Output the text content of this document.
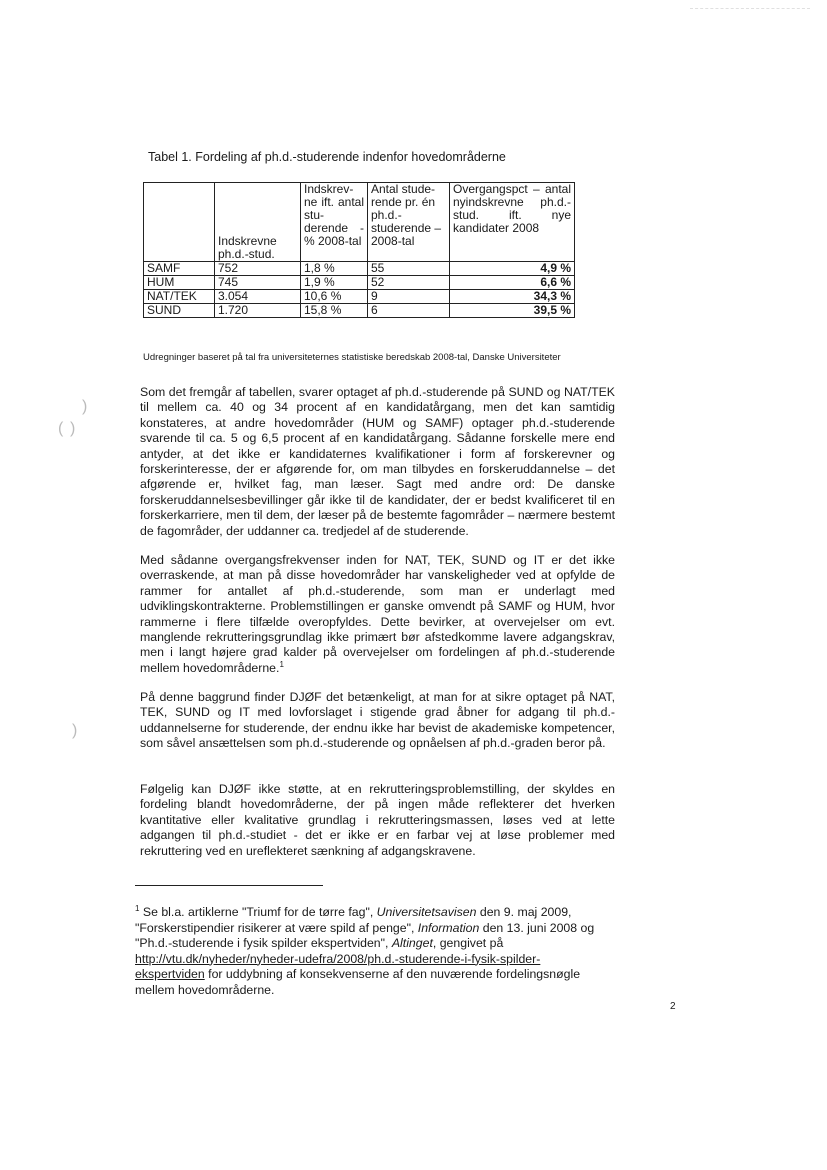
Tabel 1. Fordeling af ph.d.-studerende indenfor hovedområderne
	Indskrevne ph.d.-stud.	Indskrev-ne ift. antal stu-derende - % 2008-tal	Antal stude-rende pr. én ph.d.-studerende – 2008-tal	Overgangspct – antal nyindskrevne ph.d.-stud. ift. nye kandidater 2008
SAMF	752	1,8 %	55	4,9 %
HUM	745	1,9 %	52	6,6 %
NAT/TEK	3.054	10,6 %	9	34,3 %
SUND	1.720	15,8 %	6	39,5 %
Udregninger baseret på tal fra universiteternes statistiske beredskab 2008-tal, Danske Universiteter

Som det fremgår af tabellen, svarer optaget af ph.d.-studerende på SUND og NAT/TEK til mellem ca. 40 og 34 procent af en kandidatårgang, men det kan samtidig konstateres, at andre hovedområder (HUM og SAMF) optager ph.d.-studerende svarende til ca. 5 og 6,5 procent af en kandidatårgang. Sådanne forskelle mere end antyder, at det ikke er kandidaternes kvalifikationer i form af forskerevner og forskerinteresse, der er afgørende for, om man tilbydes en forskeruddannelse – det afgørende er, hvilket fag, man læser. Sagt med andre ord: De danske forskeruddannelsesbevillinger går ikke til de kandidater, der er bedst kvalificeret til en forskerkarriere, men til dem, der læser på de bestemte fagområder – nærmere bestemt de fagområder, der uddanner ca. tredjedel af de studerende.

Med sådanne overgangsfrekvenser inden for NAT, TEK, SUND og IT er det ikke overraskende, at man på disse hovedområder har vanskeligheder ved at opfylde de rammer for antallet af ph.d.-studerende, som man er underlagt med udviklingskontrakterne. Problemstillingen er ganske omvendt på SAMF og HUM, hvor rammerne i flere tilfælde overopfyldes. Dette bevirker, at overvejelser om evt. manglende rekrutteringsgrundlag ikke primært bør afstedkomme lavere adgangskrav, men i langt højere grad kalder på overvejelser om fordelingen af ph.d.-studerende mellem hovedområderne.$^1$

På denne baggrund finder DJØF det betænkeligt, at man for at sikre optaget på NAT, TEK, SUND og IT med lovforslaget i stigende grad åbner for adgang til ph.d.-uddannelserne for studerende, der endnu ikke har bevist de akademiske kompetencer, som såvel ansættelsen som ph.d.-studerende og opnåelsen af ph.d.-graden beror på.

Følgelig kan DJØF ikke støtte, at en rekrutteringsproblemstilling, der skyldes en fordeling blandt hovedområderne, der på ingen måde reflekterer det hverken kvantitative eller kvalitative grundlag i rekrutteringsmassen, løses ved at lette adgangen til ph.d.-studiet - det er ikke er en farbar vej at løse problemer med rekruttering ved en ureflekteret sænkning af adgangskravene.

$^1$ Se bl.a. artiklerne "Triumf for de tørre fag", Universitetsavisen den 9. maj 2009, "Forskerstipendier risikerer at være spild af penge", Information den 13. juni 2008 og "Ph.d.-studerende i fysik spilder ekspertviden", Altinget, gengivet på http://vtu.dk/nyheder/nyheder-udefra/2008/ph.d.-studerende-i-fysik-spilder-ekspertviden for uddybning af konsekvenserne af den nuværende fordelingsnøgle mellem hovedområderne.

2
)
( )
)
